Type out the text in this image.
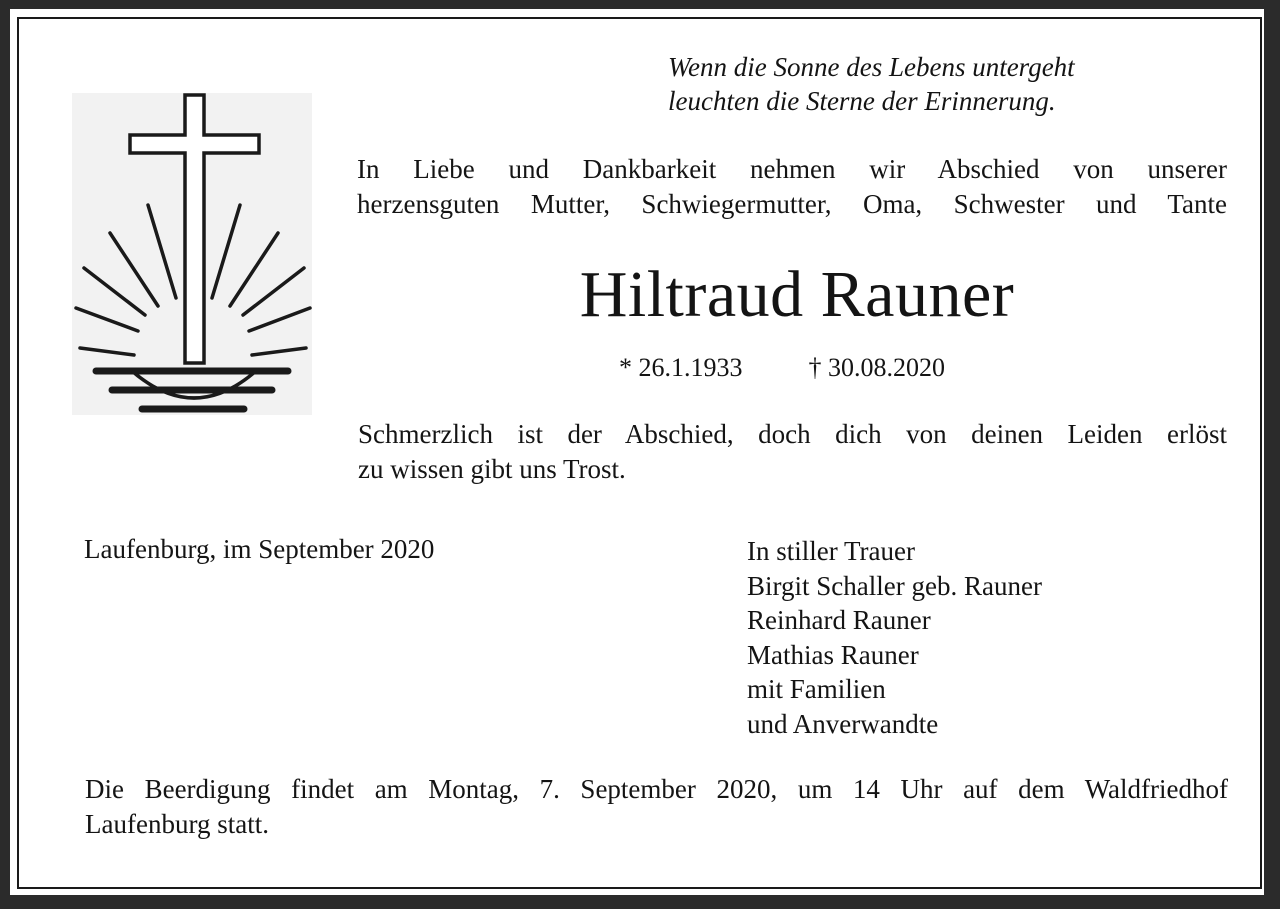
Wenn die Sonne des Lebens untergeht
leuchten die Sterne der Erinnerung.
In Liebe und Dankbarkeit nehmen wir Abschied von unserer
herzensguten Mutter, Schwiegermutter, Oma, Schwester und Tante
Hiltraud Rauner
* 26.1.1933	† 30.08.2020
Schmerzlich ist der Abschied, doch dich von deinen Leiden erlöst
zu wissen gibt uns Trost.
Laufenburg, im September 2020	In stiller Trauer
Birgit Schaller geb. Rauner
Reinhard Rauner
Mathias Rauner
mit Familien
und Anverwandte
Die Beerdigung findet am Montag, 7. September 2020, um 14 Uhr auf dem Waldfriedhof
Laufenburg statt.
